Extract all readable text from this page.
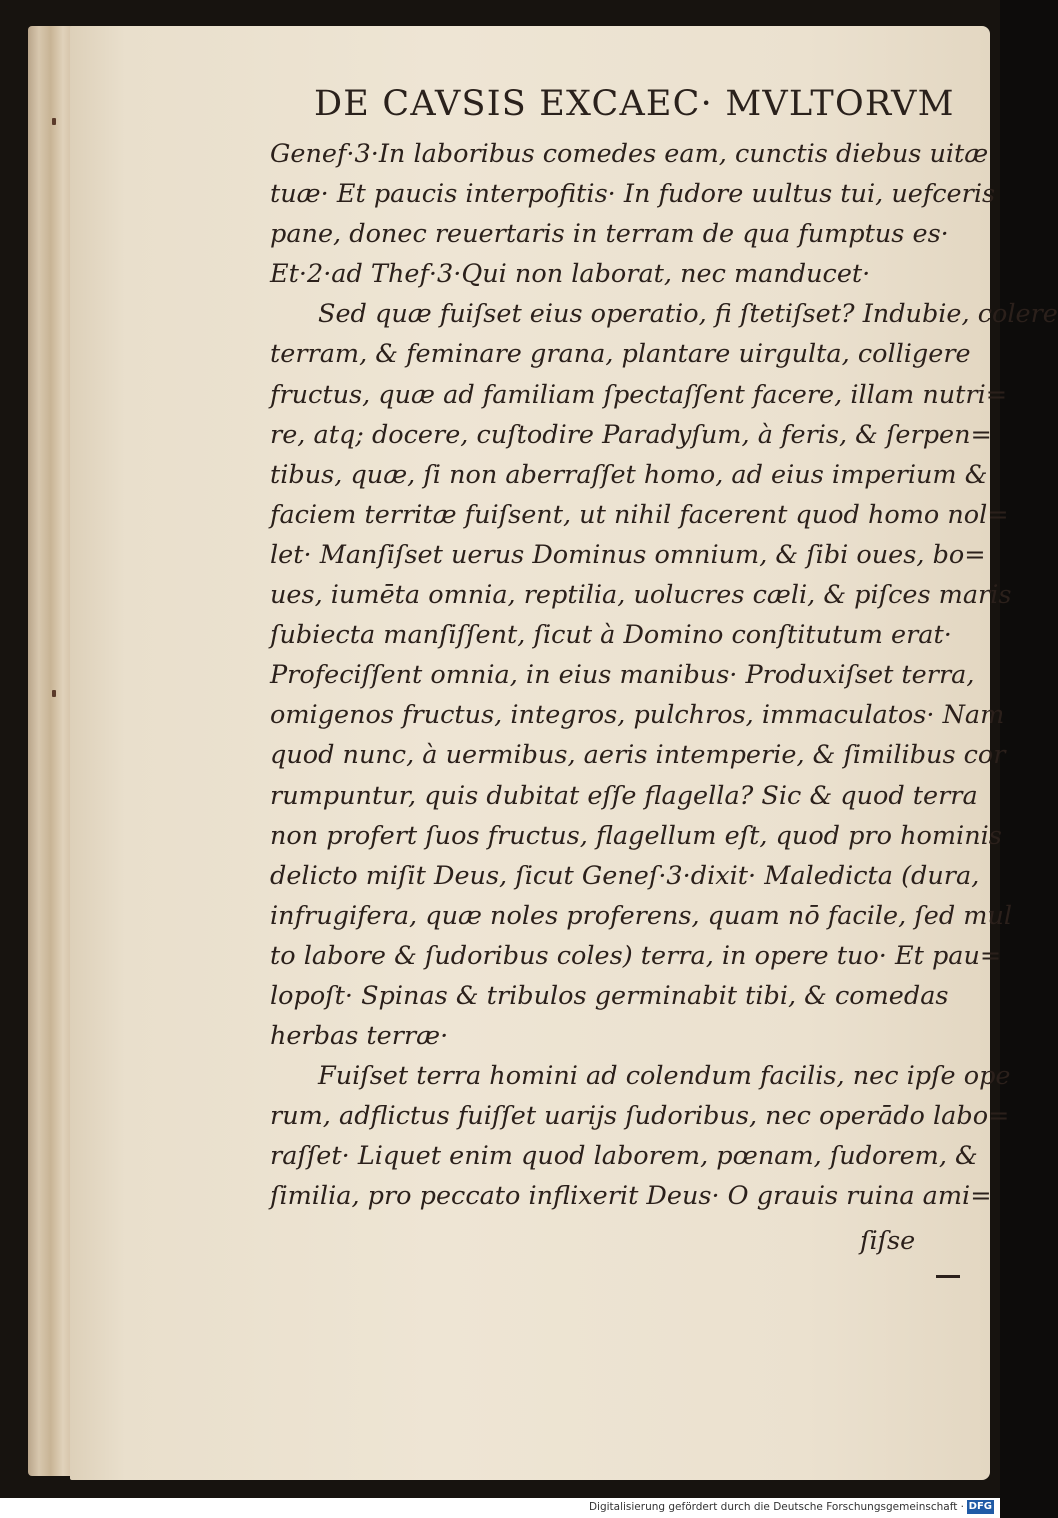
DE CAVSIS EXCAEC· MVLTORVM
Genef·3·In laboribus comedes eam, cunctis diebus uitæ
tuæ· Et paucis interpofitis· In fudore uultus tui, uefceris
pane, donec reuertaris in terram de qua fumptus es·
Et·2·ad Thef·3·Qui non laborat, nec manducet·
Sed quæ fuiſset eius operatio, fi ſtetiſset? Indubie, colere
terram, & feminare grana, plantare uirgulta, colligere
fructus, quæ ad familiam ſpectaſſent facere, illam nutri=
re, atq; docere, cuſtodire Paradyſum, à feris, & ſerpen=
tibus, quæ, ſi non aberraſſet homo, ad eius imperium &
faciem territæ fuiſsent, ut nihil facerent quod homo nol=
let· Manſiſset uerus Dominus omnium, & ſibi oues, bo=
ues, iumēta omnia, reptilia, uolucres cæli, & piſces maris
ſubiecta manſiſſent, ſicut à Domino conſtitutum erat·
Profeciſſent omnia, in eius manibus· Produxiſset terra,
omigenos fructus, integros, pulchros, immaculatos· Nam
quod nunc, à uermibus, aeris intemperie, & ſimilibus cor
rumpuntur, quis dubitat eſſe flagella? Sic & quod terra
non profert ſuos fructus, flagellum eſt, quod pro hominis
delicto miſit Deus, ſicut Geneſ·3·dixit· Maledicta (dura,
infrugifera, quæ noles proferens, quam nō facile, ſed mul
to labore & ſudoribus coles) terra, in opere tuo· Et pau=
lopoſt· Spinas & tribulos germinabit tibi, & comedas
herbas terræ·
Fuiſset terra homini ad colendum facilis, nec ipſe ope
rum, adflictus fuiſſet uarijs ſudoribus, nec operādo labo=
raſſet· Liquet enim quod laborem, pœnam, ſudorem, &
ſimilia, pro peccato inflixerit Deus· O grauis ruina ami=
ſiſse
Digitalisierung gefördert durch die Deutsche Forschungsgemeinschaft · DFG
